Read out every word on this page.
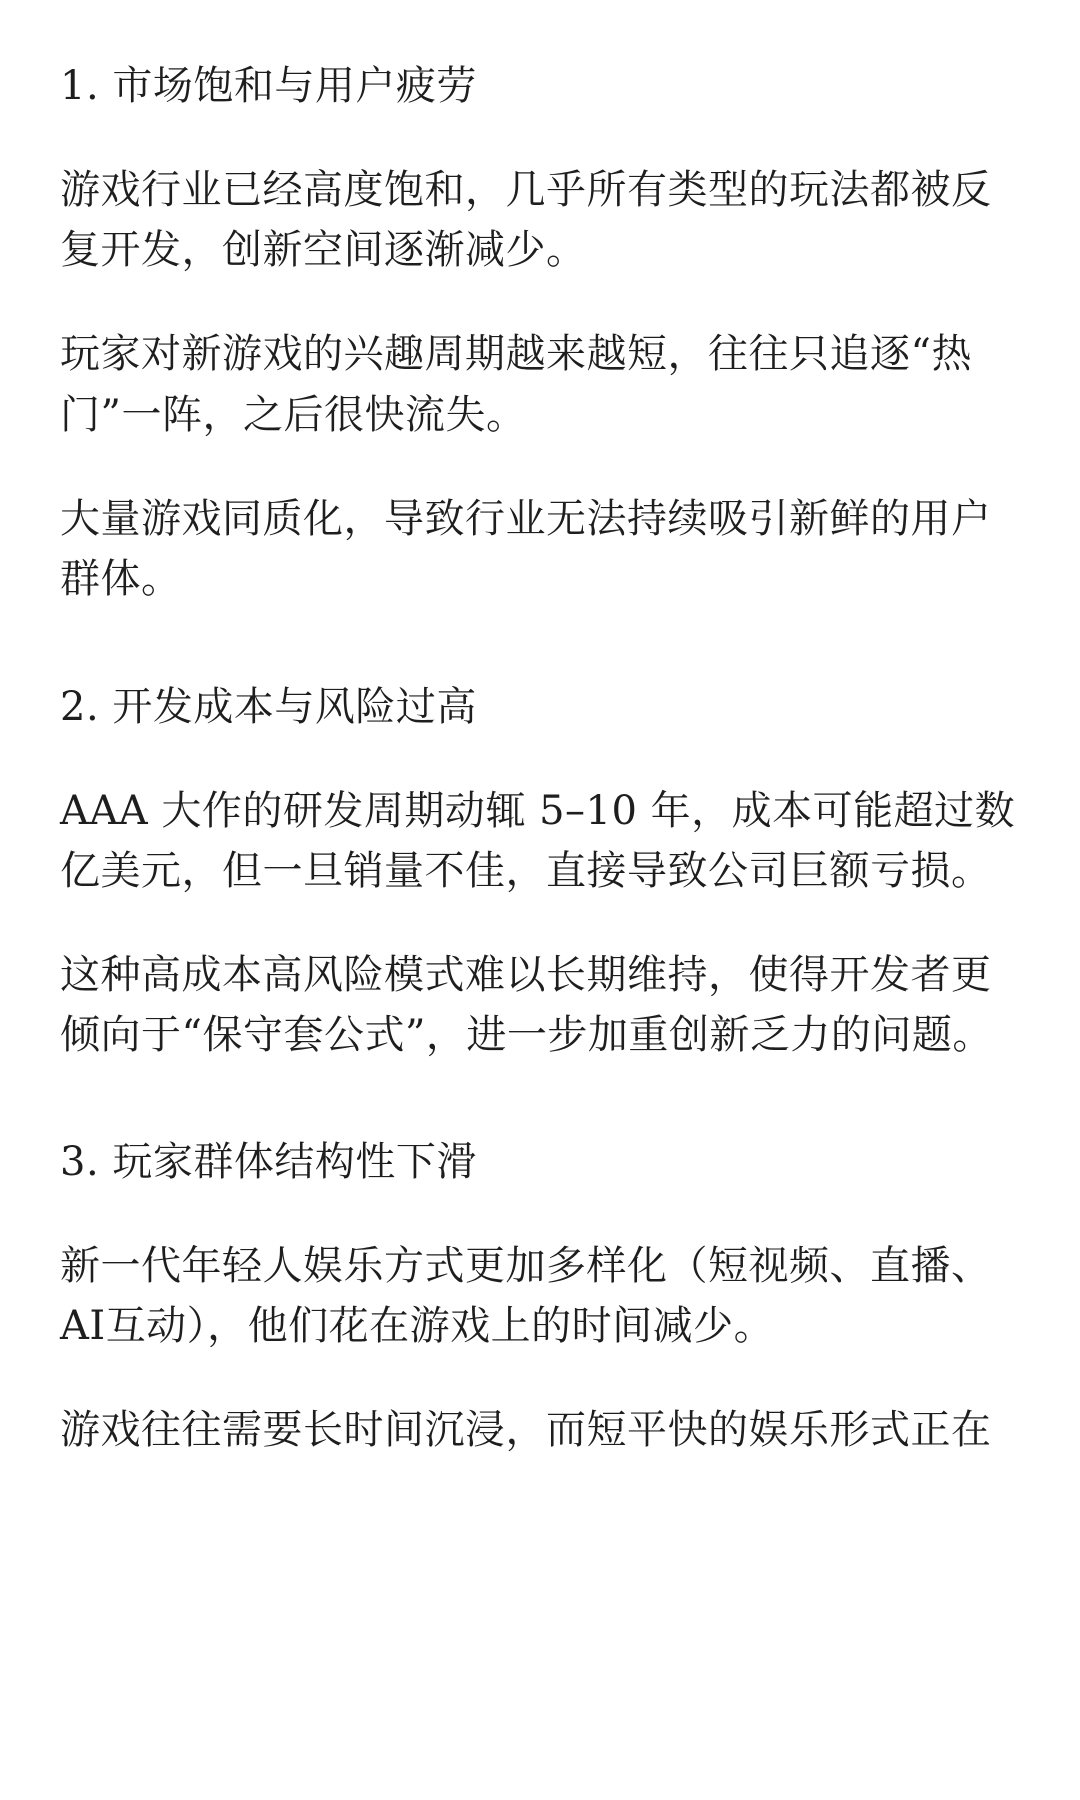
1. 市场饱和与用户疲劳

游戏行业已经高度饱和，几乎所有类型的玩法都被反

复开发，创新空间逐渐减少。

玩家对新游戏的兴趣周期越来越短，往往只追逐“热

门”一阵，之后很快流失。

大量游戏同质化，导致行业无法持续吸引新鲜的用户

群体。

2. 开发成本与风险过高

AAA 大作的研发周期动辄 5–10 年，成本可能超过数

亿美元，但一旦销量不佳，直接导致公司巨额亏损。

这种高成本高风险模式难以长期维持，使得开发者更

倾向于“保守套公式”，进一步加重创新乏力的问题。

3. 玩家群体结构性下滑

新一代年轻人娱乐方式更加多样化（短视频、直播、

AI互动），他们花在游戏上的时间减少。

游戏往往需要长时间沉浸，而短平快的娱乐形式正在
